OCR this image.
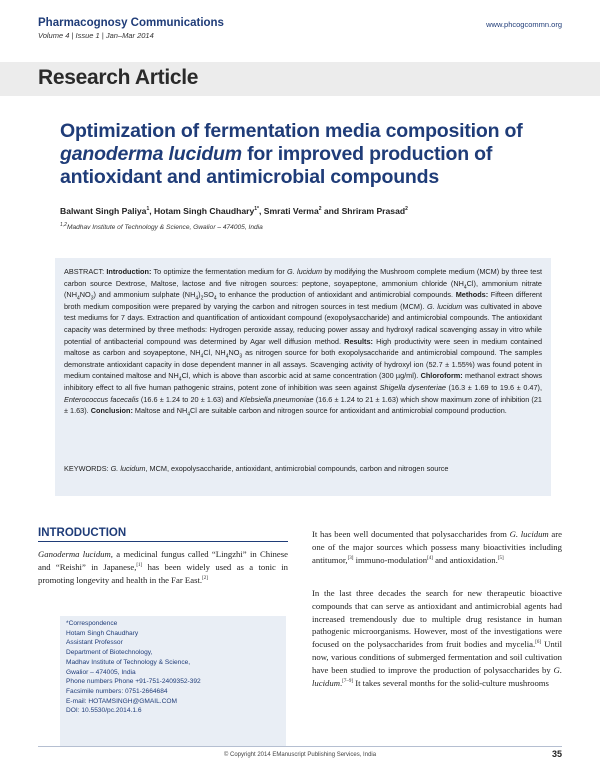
Pharmacognosy Communications
Volume 4 | Issue 1 | Jan–Mar 2014
www.phcogcommn.org
Research Article
Optimization of fermentation media composition of
ganoderma lucidum for improved production of
antioxidant and antimicrobial compounds
Balwant Singh Paliya$^1$, Hotam Singh Chaudhary$^{1*}$, Smrati Verma$^2$ and Shriram Prasad$^2$
$^{1,2}$Madhav Institute of Technology & Science, Gwalior – 474005, India
ABSTRACT: Introduction: To optimize the fermentation medium for G. lucidum by modifying the Mushroom complete medium (MCM) by three test carbon source Dextrose, Maltose, lactose and five nitrogen sources: peptone, soyapeptone, ammonium chloride $(NH_4Cl)$, ammonium nitrate $(NH_4NO_3)$ and ammonium sulphate $(NH_4)_2SO_4$ to enhance the production of antioxidant and antimicrobial compounds. Methods: Fifteen different broth medium composition were prepared by varying the carbon and nitrogen sources in test medium (MCM). G. lucidum was cultivated in above test mediums for 7 days. Extraction and quantification of antioxidant compound (exopolysaccharide) and antimicrobial compounds. The antioxidant capacity was determined by three methods: Hydrogen peroxide assay, reducing power assay and hydroxyl radical scavenging assay in vitro while potential of antibacterial compound was determined by Agar well diffusion method. Results: High productivity were seen in medium contained maltose as carbon and soyapeptone, $NH_4Cl$, $NH_4NO_3$ as nitrogen source for both exopolysaccharide and antimicrobial compound. The samples demonstrate antioxidant capacity in dose dependent manner in all assays. Scavenging activity of hydroxyl ion (52.7 ± 1.55%) was found potent in medium contained maltose and $NH_4Cl$, which is above than ascorbic acid at same concentration (300 µg/ml). Chloroform: methanol extract shows inhibitory effect to all five human pathogenic strains, potent zone of inhibition was seen against Shigella dysenteriae (16.3 ± 1.69 to 19.6 ± 0.47), Enterococcus facecalis (16.6 ± 1.24 to 20 ± 1.63) and Klebsiella pneumoniae (16.6 ± 1.24 to 21 ± 1.63) which show maximum zone of inhibition (21 ± 1.63). Conclusion: Maltose and $NH_4Cl$ are suitable carbon and nitrogen source for antioxidant and antimicrobial compound production.
KEYWORDS: G. lucidum, MCM, exopolysaccharide, antioxidant, antimicrobial compounds, carbon and nitrogen source
INTRODUCTION
Ganoderma lucidum, a medicinal fungus called “Lingzhi” in Chinese and “Reishi” in Japanese,[1] has been widely used as a tonic in promoting longevity and health in the Far East.[2]
*Correspondence
Hotam Singh Chaudhary
Assistant Professor
Department of Biotechnology,
Madhav Institute of Technology & Science,
Gwalior – 474005, India
Phone numbers Phone +91-751-2409352-392
Facsimile numbers: 0751-2664684
E-mail: HOTAMSINGH@GMAIL.COM
DOI: 10.5530/pc.2014.1.6
It has been well documented that polysaccharides from G. lucidum are one of the major sources which possess many bioactivities including antitumor,[3] immuno-modulation[4] and antioxidation.[5]
In the last three decades the search for new therapeutic bioactive compounds that can serve as antioxidant and antimicrobial agents had increased tremendously due to multiple drug resistance in human pathogenic microorganisms. However, most of the investigations were focused on the polysaccharides from fruit bodies and mycelia.[6] Until now, various conditions of submerged fermentation and soil cultivation have been studied to improve the production of polysaccharides by G. lucidum.[7–9] It takes several months for the solid-culture mushrooms
© Copyright 2014 EManuscript Publishing Services, India	35
